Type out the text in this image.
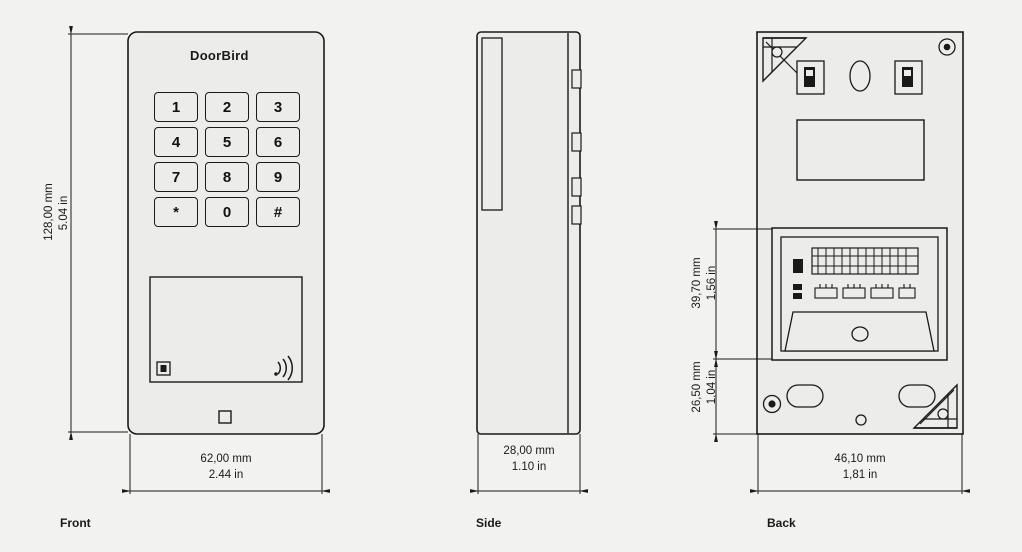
DoorBird
1	2	3
4	5	6
7	8	9
*	0	#
128,00 mm 5.04 in
62,00 mm
2.44 in
28,00 mm
1.10 in
39,70 mm 1,56 in
26,50 mm 1,04 in
46,10 mm
1,81 in
Front	Side	Back
